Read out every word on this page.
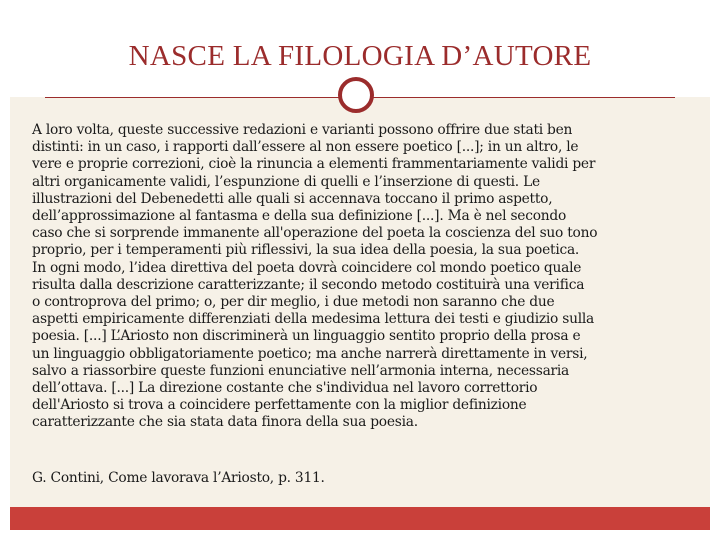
NASCE LA FILOLOGIA D’AUTORE
A loro volta, queste successive redazioni e varianti possono offrire due stati ben
distinti: in un caso, i rapporti dall’essere al non essere poetico [...]; in un altro, le
vere e proprie correzioni, cioè la rinuncia a elementi frammentariamente validi per
altri organicamente validi, l’espunzione di quelli e l’inserzione di questi. Le
illustrazioni del Debenedetti alle quali si accennava toccano il primo aspetto,
dell’approssimazione al fantasma e della sua definizione [...]. Ma è nel secondo
caso che si sorprende immanente all'operazione del poeta la coscienza del suo tono
proprio, per i temperamenti più riflessivi, la sua idea della poesia, la sua poetica.
In ogni modo, l’idea direttiva del poeta dovrà coincidere col mondo poetico quale
risulta dalla descrizione caratterizzante; il secondo metodo costituirà una verifica
o controprova del primo; o, per dir meglio, i due metodi non saranno che due
aspetti empiricamente differenziati della medesima lettura dei testi e giudizio sulla
poesia. [...] L’Ariosto non discriminerà un linguaggio sentito proprio della prosa e
un linguaggio obbligatoriamente poetico; ma anche narrerà direttamente in versi,
salvo a riassorbire queste funzioni enunciative nell’armonia interna, necessaria
dell’ottava. [...] La direzione costante che s'individua nel lavoro correttorio
dell'Ariosto si trova a coincidere perfettamente con la miglior definizione
caratterizzante che sia stata data finora della sua poesia.
G. Contini, Come lavorava l’Ariosto, p. 311.
